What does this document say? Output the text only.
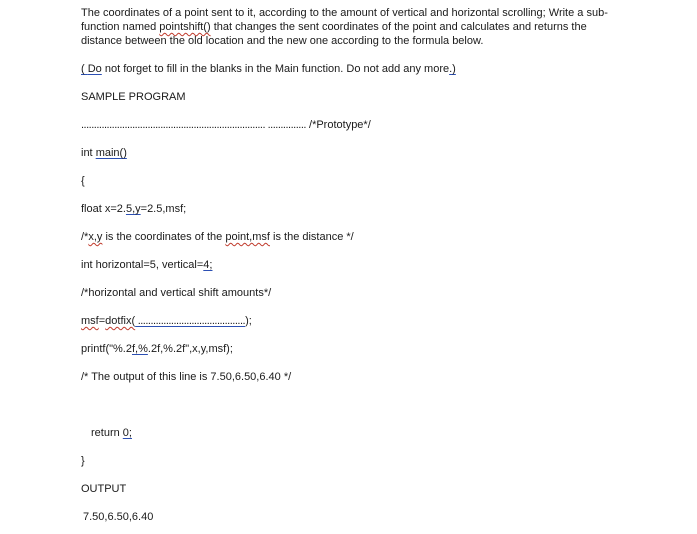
The coordinates of a point sent to it, according to the amount of vertical and horizontal scrolling; Write a sub-function named pointshift() that changes the sent coordinates of the point and calculates and returns the distance between the old location and the new one according to the formula below.
( Do not forget to fill in the blanks in the Main function. Do not add any more.)
SAMPLE PROGRAM
........................................................................ ............... /*Prototype*/
int main()
{
float x=2.5,y=2.5,msf;
/*x,y is the coordinates of the point,msf is the distance */
int horizontal=5, vertical=4;
/*horizontal and vertical shift amounts*/
msf=dotfix( ..........................................);
printf("%.2f,%.2f,%.2f",x,y,msf);
/* The output of this line is 7.50,6.50,6.40 */
return 0;
}
OUTPUT
7.50,6.50,6.40
